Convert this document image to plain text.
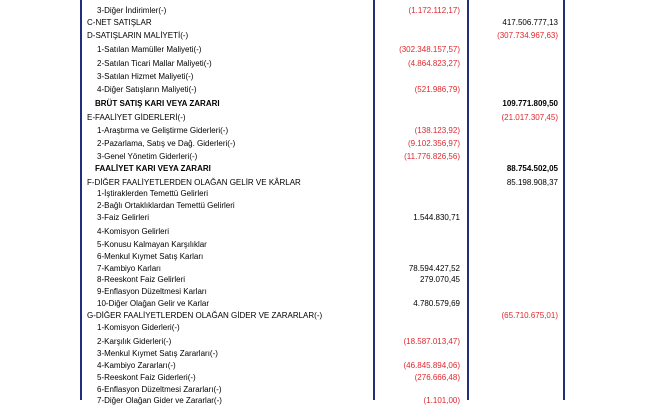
3-Diğer İndirimler(-)	(1.172.112,17)
C-NET SATIŞLAR	417.506.777,13
D-SATIŞLARIN MALİYETİ(-)	(307.734.967,63)
1-Satılan Mamüller Maliyeti(-)	(302.348.157,57)
2-Satılan Ticari Mallar Maliyeti(-)	(4.864.823,27)
3-Satılan Hizmet Maliyeti(-)
4-Diğer Satışların Maliyeti(-)	(521.986,79)
BRÜT SATIŞ KARI VEYA ZARARI	109.771.809,50
E-FAALİYET GİDERLERİ(-)	(21.017.307,45)
1-Araştırma ve Geliştirme Giderleri(-)	(138.123,92)
2-Pazarlama, Satış ve Dağ. Giderleri(-)	(9.102.356,97)
3-Genel Yönetim Giderleri(-)	(11.776.826,56)
FAALİYET KARI VEYA ZARARI	88.754.502,05
F-DİĞER FAALİYETLERDEN OLAĞAN GELİR VE KÂRLAR	85.198.908,37
1-İştiraklerden Temettü Gelirleri
2-Bağlı Ortaklıklardan Temettü Gelirleri
3-Faiz Gelirleri	1.544.830,71
4-Komisyon Gelirleri
5-Konusu Kalmayan Karşılıklar
6-Menkul Kıymet Satış Karları
7-Kambiyo Karları	78.594.427,52
8-Reeskont Faiz Gelirleri	279.070,45
9-Enflasyon Düzeltmesi Karları
10-Diğer Olağan Gelir ve Karlar	4.780.579,69
G-DİĞER FAALİYETLERDEN OLAĞAN GİDER VE ZARARLAR(-)	(65.710.675,01)
1-Komisyon Giderleri(-)
2-Karşılık Giderleri(-)	(18.587.013,47)
3-Menkul Kıymet Satış Zararları(-)
4-Kambiyo Zararları(-)	(46.845.894,06)
5-Reeskont Faiz Giderleri(-)	(276.666,48)
6-Enflasyon Düzeltmesi Zararları(-)
7-Diğer Olağan Gider ve Zararlar(-)	(1.101,00)
